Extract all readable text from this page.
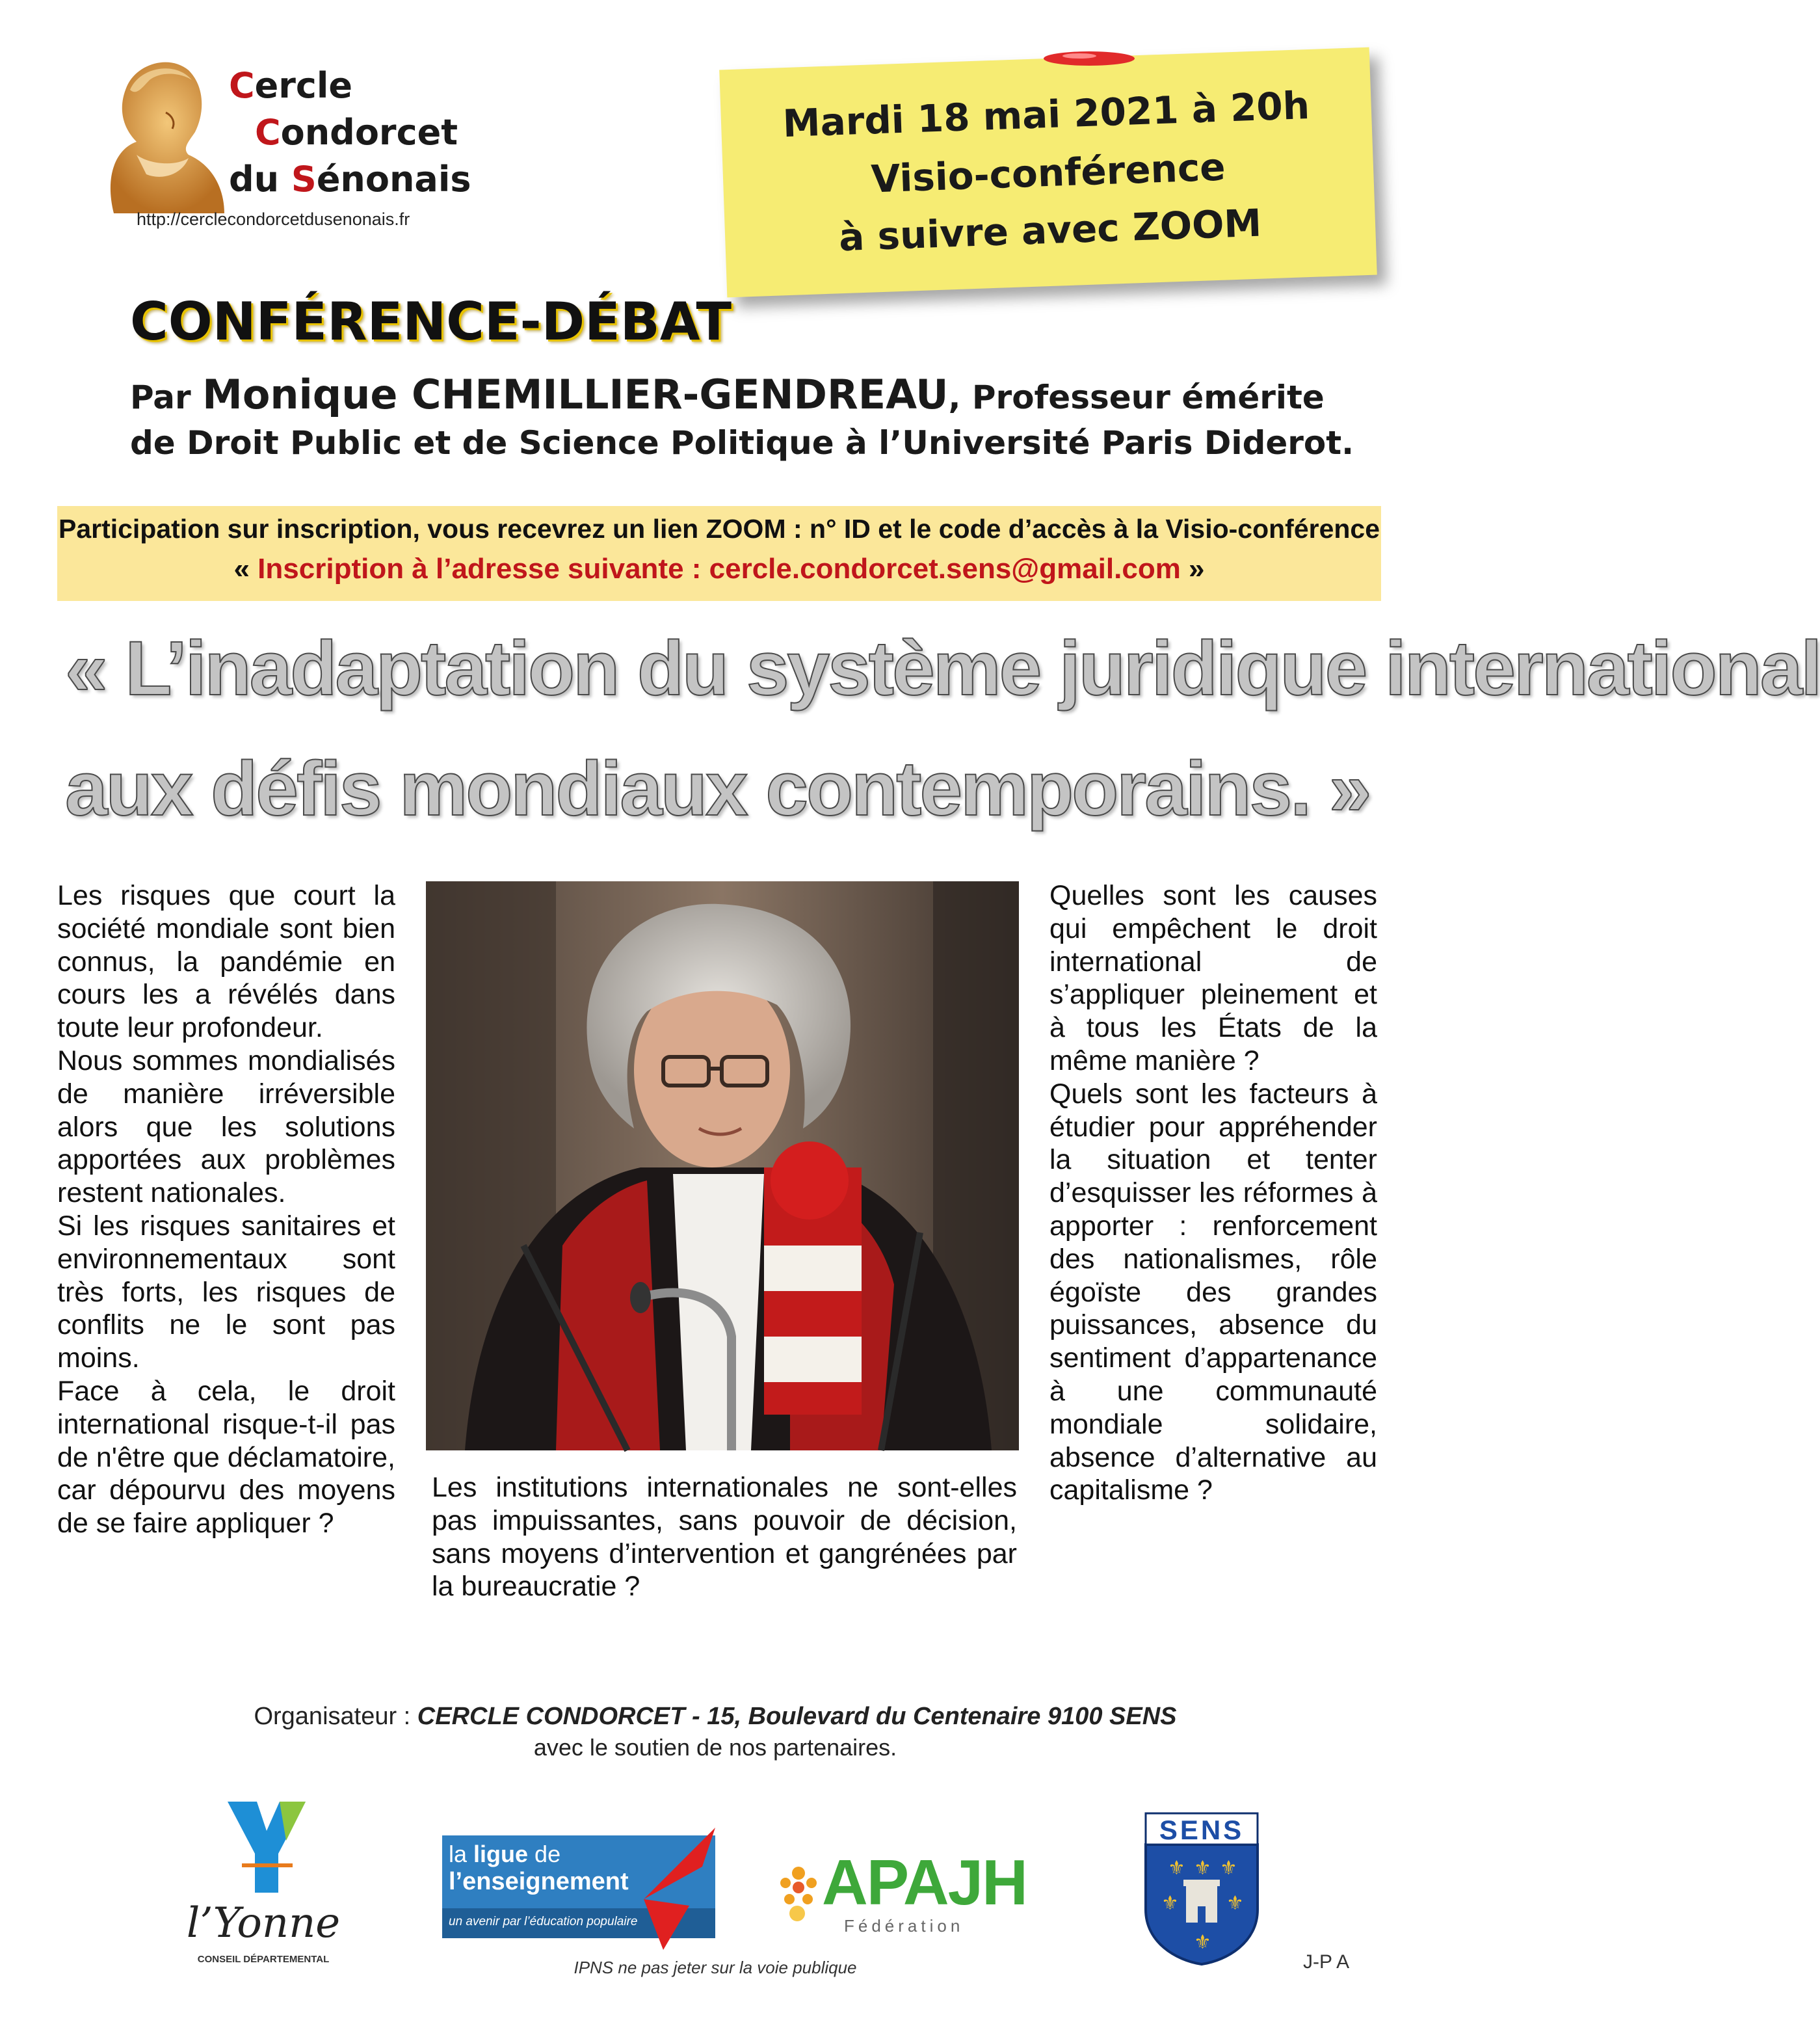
Cercle
Condorcet
du Sénonais
http://cerclecondorcetdusenonais.fr
Mardi 18 mai 2021 à 20h
Visio-conférence
à suivre avec ZOOM
CONFÉRENCE-DÉBAT
Par Monique CHEMILLIER-GENDREAU, Professeur émérite de Droit Public et de Science Politique à l’Université Paris Diderot.
Participation sur inscription, vous recevrez un lien ZOOM : n° ID et le code d’accès à la Visio-conférence
« Inscription à l’adresse suivante : cercle.condorcet.sens@gmail.com »
« L’inadaptation du système juridique international
aux défis mondiaux contemporains. »

Les risques que court la société mondiale sont bien connus, la pandémie en cours les a révélés dans toute leur profondeur.

Nous sommes mondialisés de manière irréversible alors que les solutions apportées aux problèmes restent nationales.

Si les risques sanitaires et environnementaux sont très forts, les risques de conflits ne le sont pas moins.

Face à cela, le droit international risque-t-il pas de n'être que déclamatoire, car dépourvu des moyens de se faire appliquer ?

Les institutions internationales ne sont-elles pas impuissantes, sans pouvoir de décision, sans moyens d’intervention et gangrénées par la bureaucratie ?

Quelles sont les causes qui empêchent le droit international de s’appliquer pleinement et à tous les États de la même manière ?

Quels sont les facteurs à étudier pour appréhender la situation et tenter d’esquisser les réformes à apporter : renforcement des nationalismes, rôle égoïste des grandes puissances, absence du sentiment d’appartenance à une communauté mondiale solidaire, absence d’alternative au capitalisme ?

Organisateur : CERCLE CONDORCET - 15, Boulevard du Centenaire 9100 SENS
avec le soutien de nos partenaires.
l’Yonne
CONSEIL DÉPARTEMENTAL
la ligue de
l’enseignement
un avenir par l’éducation populaire
APAJH
Fédération
⚜ ⚜
⚜
⚜ ⚜
⚜
SENS
IPNS ne pas jeter sur la voie publique	J-P A
